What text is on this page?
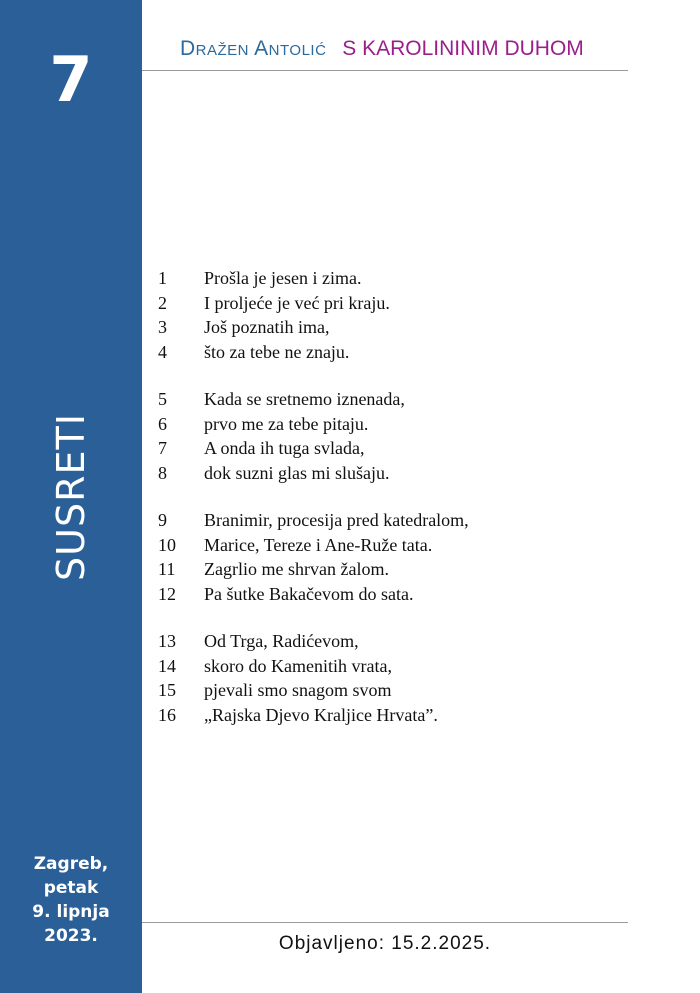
7
SUSRETI
Zagreb,
petak
9. lipnja
2023.
Dražen Antolić S KAROLININIM DUHOM
1	Prošla je jesen i zima.
2	I proljeće je već pri kraju.
3	Još poznatih ima,
4	što za tebe ne znaju.
5	Kada se sretnemo iznenada,
6	prvo me za tebe pitaju.
7	A onda ih tuga svlada,
8	dok suzni glas mi slušaju.
9	Branimir, procesija pred katedralom,
10	Marice, Tereze i Ane-Ruže tata.
11	Zagrlio me shrvan žalom.
12	Pa šutke Bakačevom do sata.
13	Od Trga, Radićevom,
14	skoro do Kamenitih vrata,
15	pjevali smo snagom svom
16	„Rajska Djevo Kraljice Hrvata”.
Objavljeno: 15.2.2025.
